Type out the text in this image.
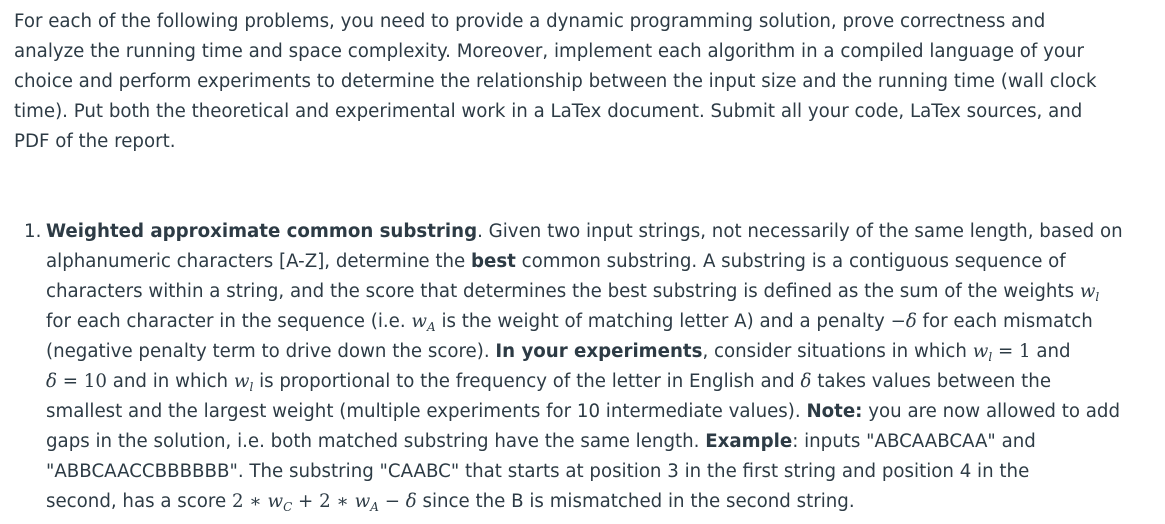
For each of the following problems, you need to provide a dynamic programming solution, prove correctness and
analyze the running time and space complexity. Moreover, implement each algorithm in a compiled language of your
choice and perform experiments to determine the relationship between the input size and the running time (wall clock
time). Put both the theoretical and experimental work in a LaTex document. Submit all your code, LaTex sources, and
PDF of the report.
1. Weighted approximate common substring. Given two input strings, not necessarily of the same length, based on
alphanumeric characters [A-Z], determine the best common substring. A substring is a contiguous sequence of
characters within a string, and the score that determines the best substring is defined as the sum of the weights $w_l$
for each character in the sequence (i.e. $w_A$ is the weight of matching letter A) and a penalty −δ for each mismatch
(negative penalty term to drive down the score). In your experiments, consider situations in which $w_l = 1$ and
δ = 10 and in which $w_l$ is proportional to the frequency of the letter in English and δ takes values between the
smallest and the largest weight (multiple experiments for 10 intermediate values). Note: you are now allowed to add
gaps in the solution, i.e. both matched substring have the same length. Example: inputs "ABCAABCAA" and
"ABBCAACCBBBBBB". The substring "CAABC" that starts at position 3 in the first string and position 4 in the
second, has a score 2 ∗ $w_C + 2$ ∗ $w_A - \delta$ since the B is mismatched in the second string.
